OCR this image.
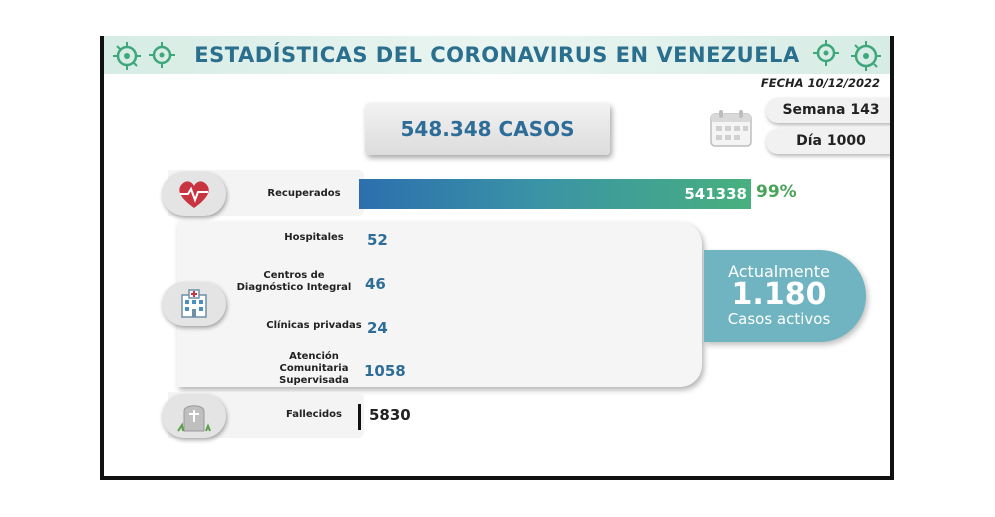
ESTADÍSTICAS DEL CORONAVIRUS EN VENEZUELA
FECHA 10/12/2022
548.348 CASOS
Semana 143
Día 1000
Recuperados	541338 99%
Hospitales	52
Centros de
Diagnóstico Integral 46
Clínicas privadas 24
Atención
Comunitaria
Supervisada
1058
Actualmente
1.180
Casos activos
Fallecidos	5830
